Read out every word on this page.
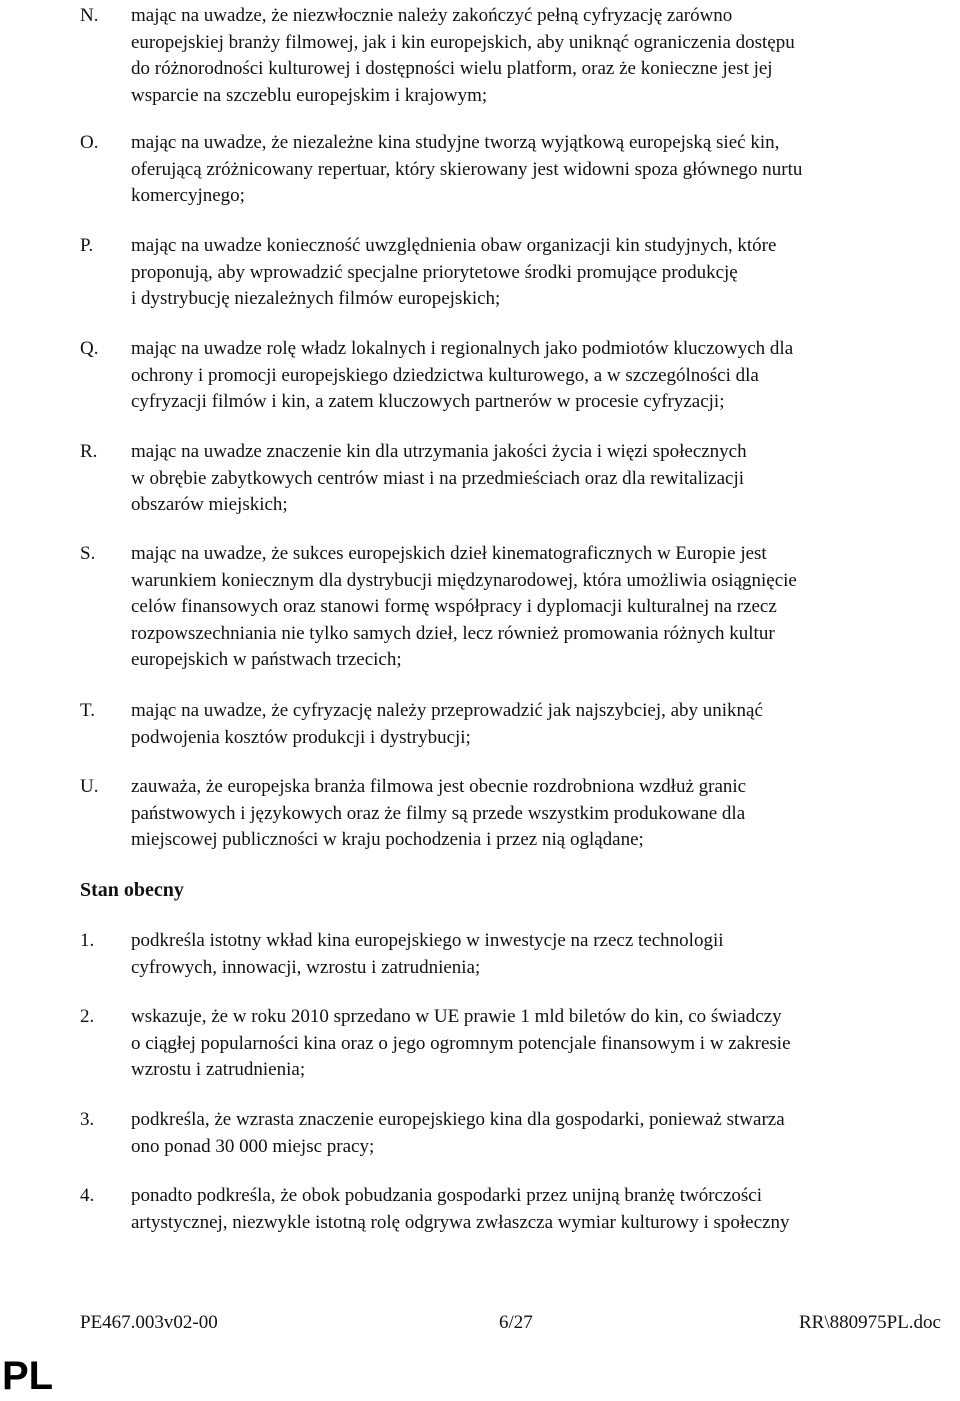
N. mając na uwadze, że niezwłocznie należy zakończyć pełną cyfryzację zarówno
europejskiej branży filmowej, jak i kin europejskich, aby uniknąć ograniczenia dostępu
do różnorodności kulturowej i dostępności wielu platform, oraz że konieczne jest jej
wsparcie na szczeblu europejskim i krajowym;
O. mając na uwadze, że niezależne kina studyjne tworzą wyjątkową europejską sieć kin,
oferującą zróżnicowany repertuar, który skierowany jest widowni spoza głównego nurtu
komercyjnego;
P. mając na uwadze konieczność uwzględnienia obaw organizacji kin studyjnych, które
proponują, aby wprowadzić specjalne priorytetowe środki promujące produkcję
i dystrybucję niezależnych filmów europejskich;
Q. mając na uwadze rolę władz lokalnych i regionalnych jako podmiotów kluczowych dla
ochrony i promocji europejskiego dziedzictwa kulturowego, a w szczególności dla
cyfryzacji filmów i kin, a zatem kluczowych partnerów w procesie cyfryzacji;
R. mając na uwadze znaczenie kin dla utrzymania jakości życia i więzi społecznych
w obrębie zabytkowych centrów miast i na przedmieściach oraz dla rewitalizacji
obszarów miejskich;
S. mając na uwadze, że sukces europejskich dzieł kinematograficznych w Europie jest
warunkiem koniecznym dla dystrybucji międzynarodowej, która umożliwia osiągnięcie
celów finansowych oraz stanowi formę współpracy i dyplomacji kulturalnej na rzecz
rozpowszechniania nie tylko samych dzieł, lecz również promowania różnych kultur
europejskich w państwach trzecich;
T. mając na uwadze, że cyfryzację należy przeprowadzić jak najszybciej, aby uniknąć
podwojenia kosztów produkcji i dystrybucji;
U. zauważa, że europejska branża filmowa jest obecnie rozdrobniona wzdłuż granic
państwowych i językowych oraz że filmy są przede wszystkim produkowane dla
miejscowej publiczności w kraju pochodzenia i przez nią oglądane;
Stan obecny
1. podkreśla istotny wkład kina europejskiego w inwestycje na rzecz technologii
cyfrowych, innowacji, wzrostu i zatrudnienia;
2. wskazuje, że w roku 2010 sprzedano w UE prawie 1 mld biletów do kin, co świadczy
o ciągłej popularności kina oraz o jego ogromnym potencjale finansowym i w zakresie
wzrostu i zatrudnienia;
3. podkreśla, że wzrasta znaczenie europejskiego kina dla gospodarki, ponieważ stwarza
ono ponad 30 000 miejsc pracy;
4. ponadto podkreśla, że obok pobudzania gospodarki przez unijną branżę twórczości
artystycznej, niezwykle istotną rolę odgrywa zwłaszcza wymiar kulturowy i społeczny
PE467.003v02-00	6/27	RR\880975PL.doc
PL
